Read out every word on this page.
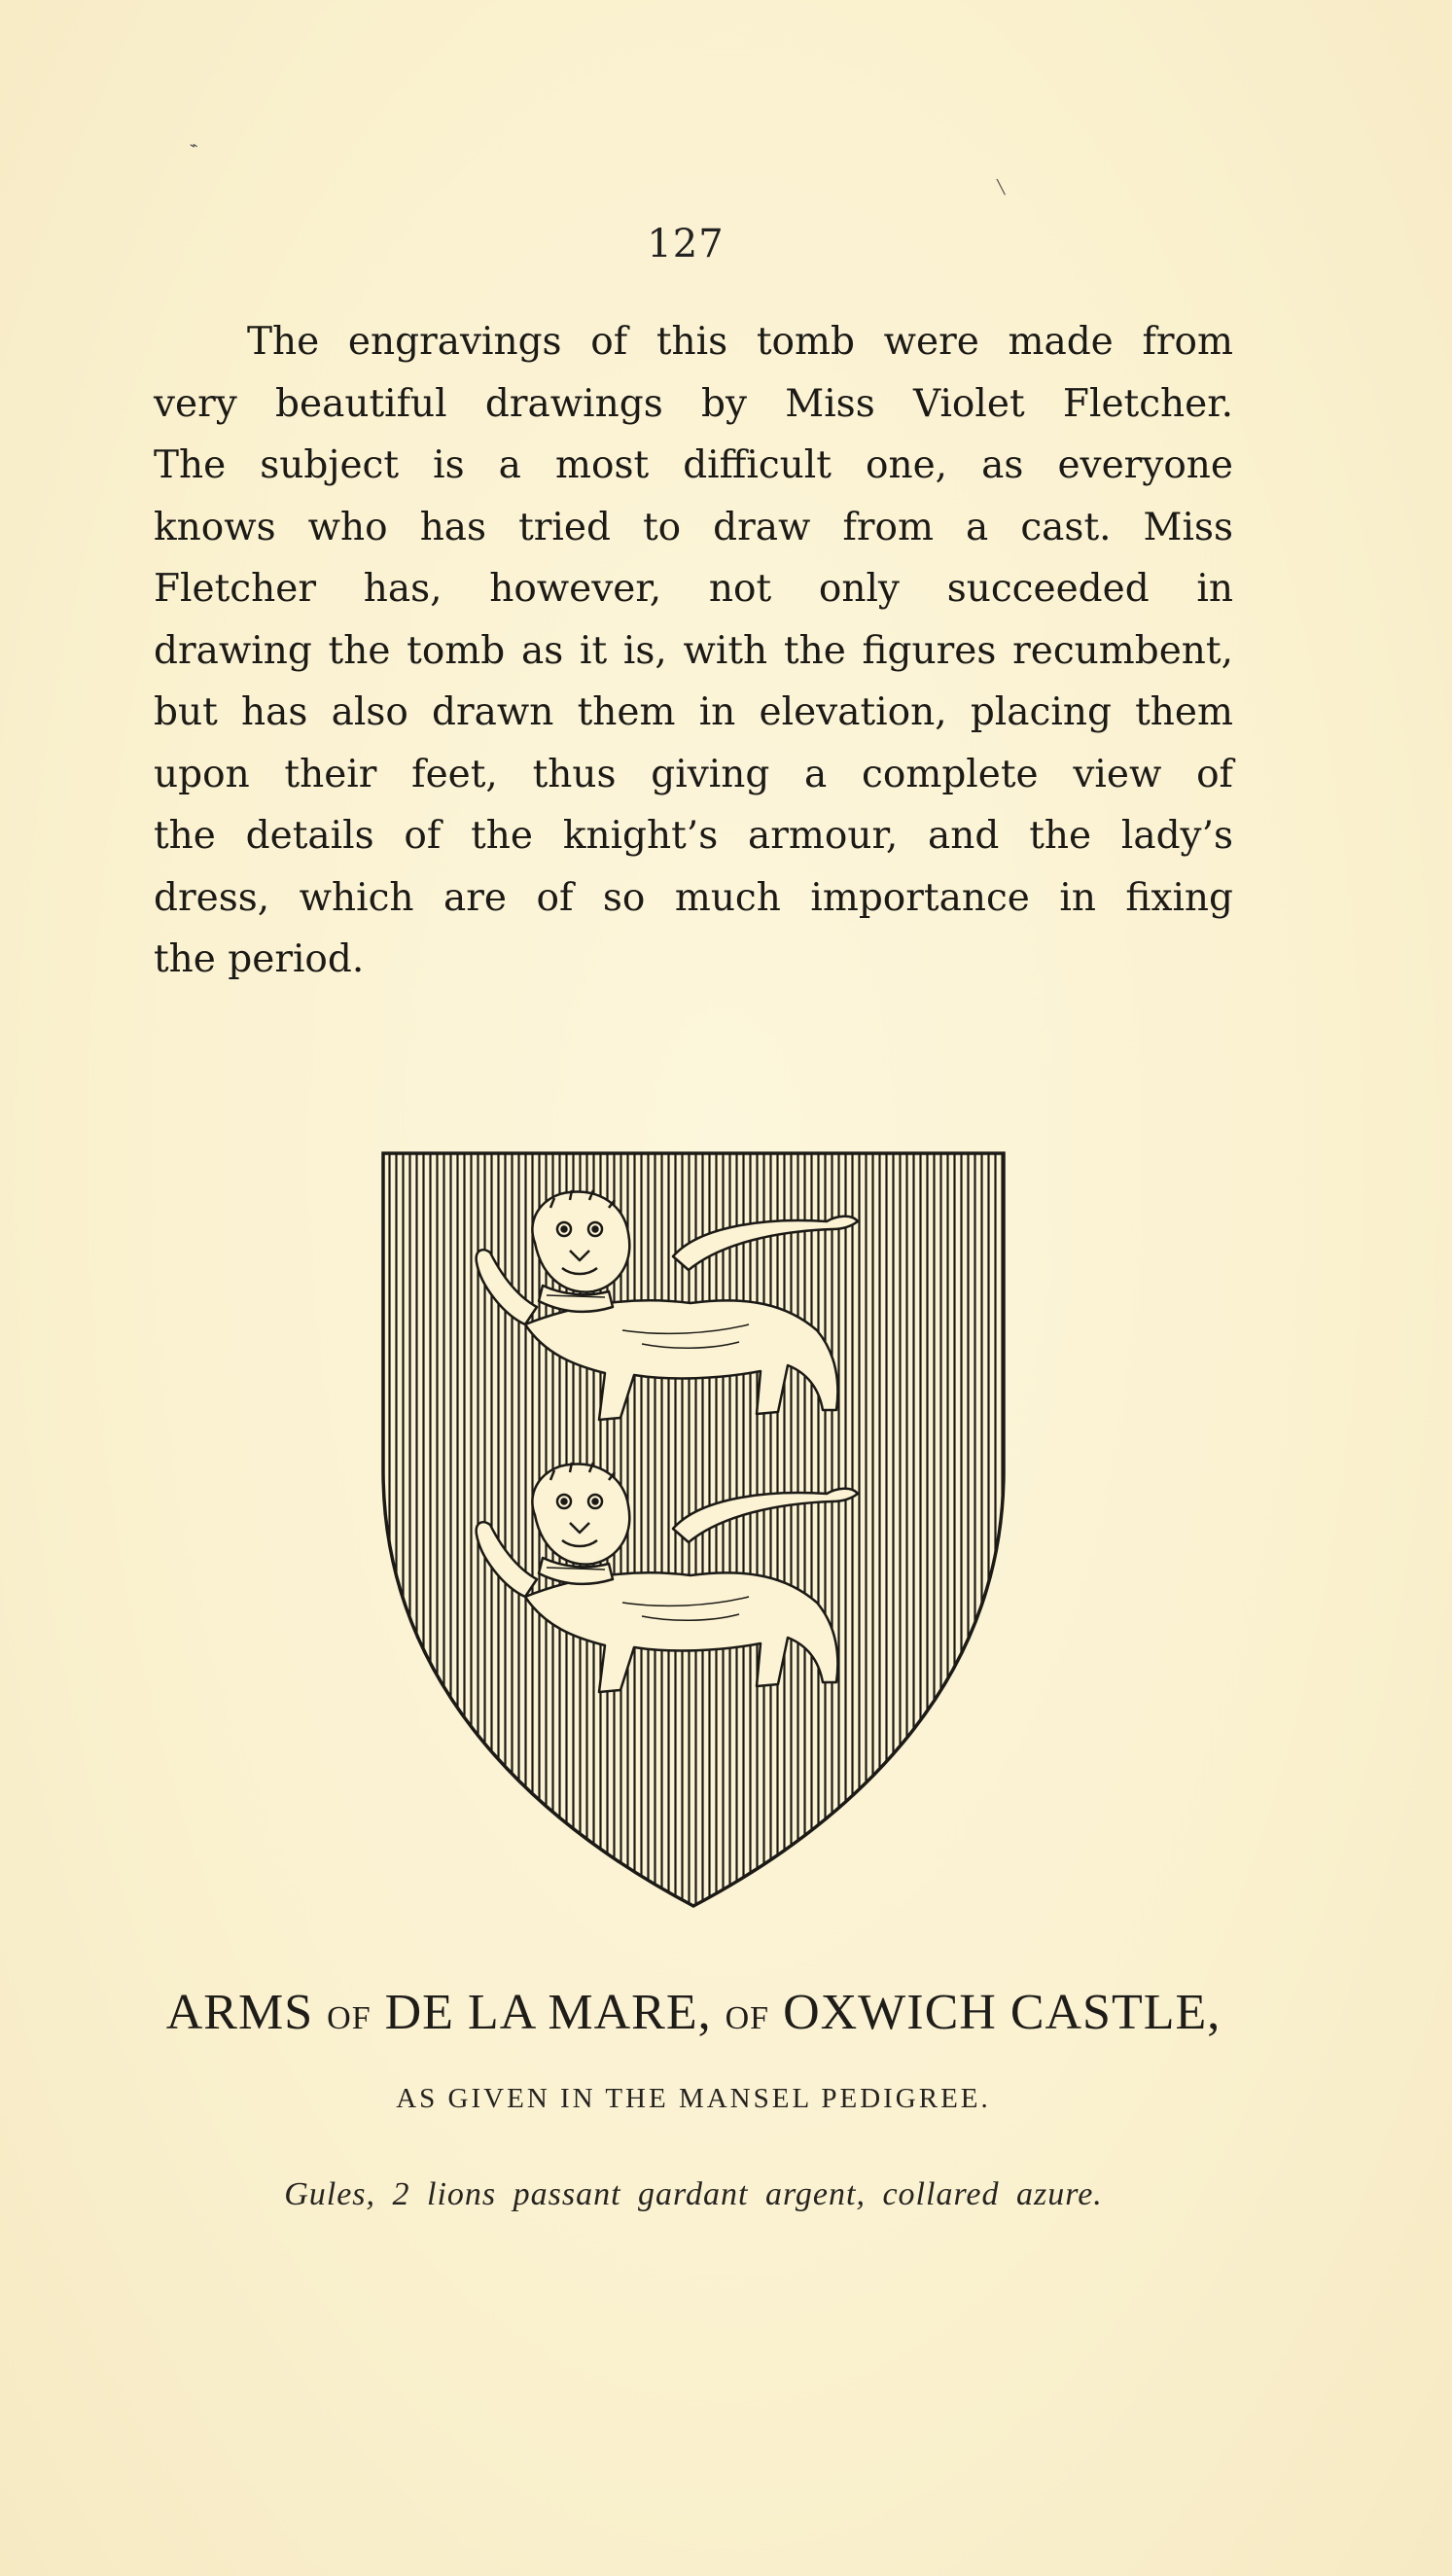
⌁
╲
127
The engravings of this tomb were made from
very beautiful drawings by Miss Violet Fletcher.
The subject is a most difficult one, as everyone
knows who has tried to draw from a cast. Miss
Fletcher has, however, not only succeeded in
drawing the tomb as it is, with the figures recumbent,
but has also drawn them in elevation, placing them
upon their feet, thus giving a complete view of
the details of the knight’s armour, and the lady’s
dress, which are of so much importance in fixing
the period.
ARMS OF DE LA MARE, OF OXWICH CASTLE,
AS GIVEN IN THE MANSEL PEDIGREE.
Gules, 2 lions passant gardant argent, collared azure.
